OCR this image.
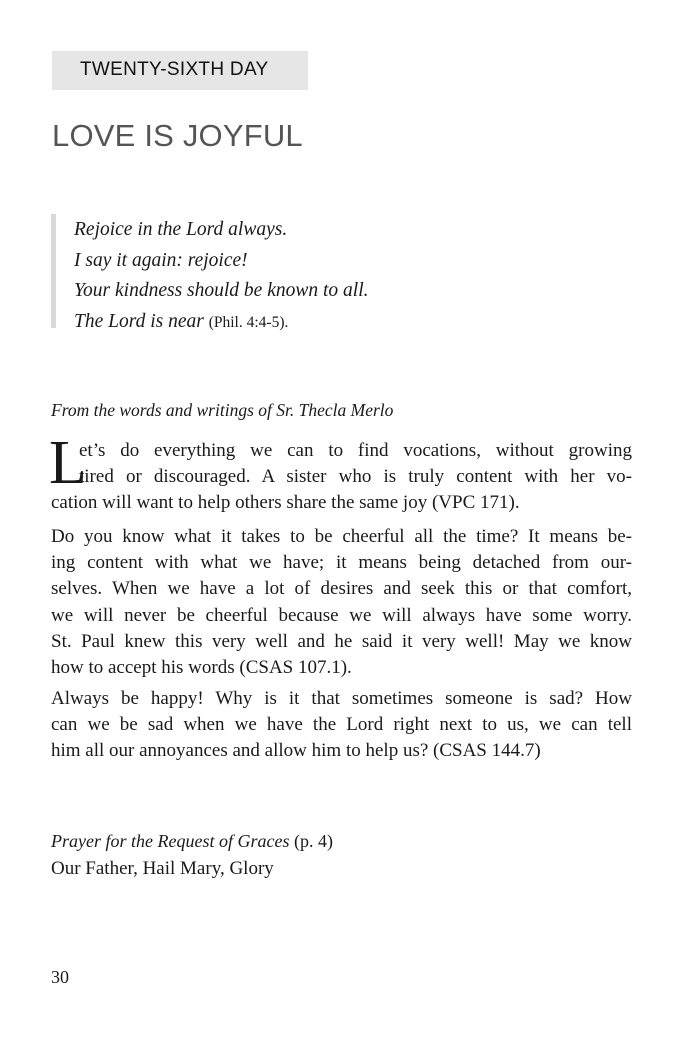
TWENTY-SIXTH DAY
LOVE IS JOYFUL
Rejoice in the Lord always.
I say it again: rejoice!
Your kindness should be known to all.
The Lord is near (Phil. 4:4-5).
From the words and writings of Sr. Thecla Merlo
L
et’s do everything we can to find vocations, without growing
tired or discouraged. A sister who is truly content with her vo-
cation will want to help others share the same joy (VPC 171).
Do you know what it takes to be cheerful all the time? It means be-
ing content with what we have; it means being detached from our-
selves. When we have a lot of desires and seek this or that comfort,
we will never be cheerful because we will always have some worry.
St. Paul knew this very well and he said it very well! May we know
how to accept his words (CSAS 107.1).
Always be happy! Why is it that sometimes someone is sad? How
can we be sad when we have the Lord right next to us, we can tell
him all our annoyances and allow him to help us? (CSAS 144.7)
Prayer for the Request of Graces (p. 4)
Our Father, Hail Mary, Glory
30
